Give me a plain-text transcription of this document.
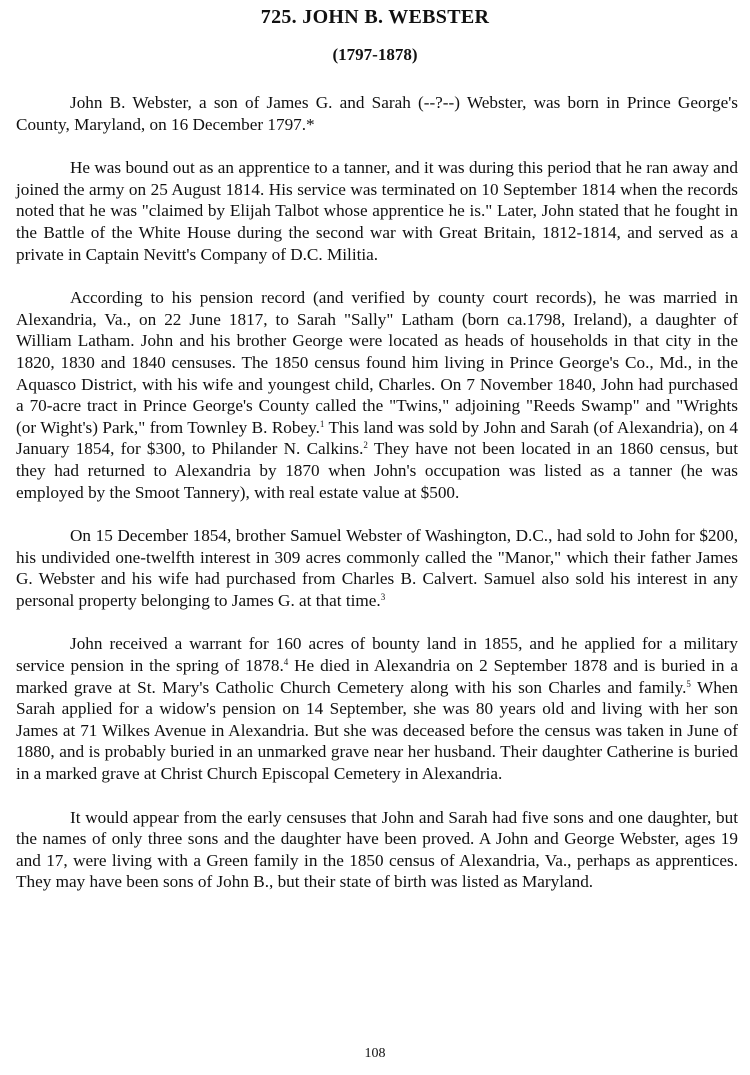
725. JOHN B. WEBSTER
(1797-1878)

John B. Webster, a son of James G. and Sarah (--?--) Webster, was born in Prince George's County, Maryland, on 16 December 1797.*

He was bound out as an apprentice to a tanner, and it was during this period that he ran away and joined the army on 25 August 1814. His service was terminated on 10 September 1814 when the records noted that he was "claimed by Elijah Talbot whose apprentice he is." Later, John stated that he fought in the Battle of the White House during the second war with Great Britain, 1812-1814, and served as a private in Captain Nevitt's Company of D.C. Militia.

According to his pension record (and verified by county court records), he was married in Alexandria, Va., on 22 June 1817, to Sarah "Sally" Latham (born ca.1798, Ireland), a daughter of William Latham. John and his brother George were located as heads of households in that city in the 1820, 1830 and 1840 censuses. The 1850 census found him living in Prince George's Co., Md., in the Aquasco District, with his wife and youngest child, Charles. On 7 November 1840, John had purchased a 70-acre tract in Prince George's County called the "Twins," adjoining "Reeds Swamp" and "Wrights (or Wight's) Park," from Townley B. Robey.$^1$ This land was sold by John and Sarah (of Alexandria), on 4 January 1854, for $300, to Philander N. Calkins.$^2$ They have not been located in an 1860 census, but they had returned to Alexandria by 1870 when John's occupation was listed as a tanner (he was employed by the Smoot Tannery), with real estate value at $500.

On 15 December 1854, brother Samuel Webster of Washington, D.C., had sold to John for $200, his undivided one-twelfth interest in 309 acres commonly called the "Manor," which their father James G. Webster and his wife had purchased from Charles B. Calvert. Samuel also sold his interest in any personal property belonging to James G. at that time.$^3$

John received a warrant for 160 acres of bounty land in 1855, and he applied for a military service pension in the spring of 1878.$^4$ He died in Alexandria on 2 September 1878 and is buried in a marked grave at St. Mary's Catholic Church Cemetery along with his son Charles and family.$^5$ When Sarah applied for a widow's pension on 14 September, she was 80 years old and living with her son James at 71 Wilkes Avenue in Alexandria. But she was deceased before the census was taken in June of 1880, and is probably buried in an unmarked grave near her husband. Their daughter Catherine is buried in a marked grave at Christ Church Episcopal Cemetery in Alexandria.

It would appear from the early censuses that John and Sarah had five sons and one daughter, but the names of only three sons and the daughter have been proved. A John and George Webster, ages 19 and 17, were living with a Green family in the 1850 census of Alexandria, Va., perhaps as apprentices. They may have been sons of John B., but their state of birth was listed as Maryland.

108
